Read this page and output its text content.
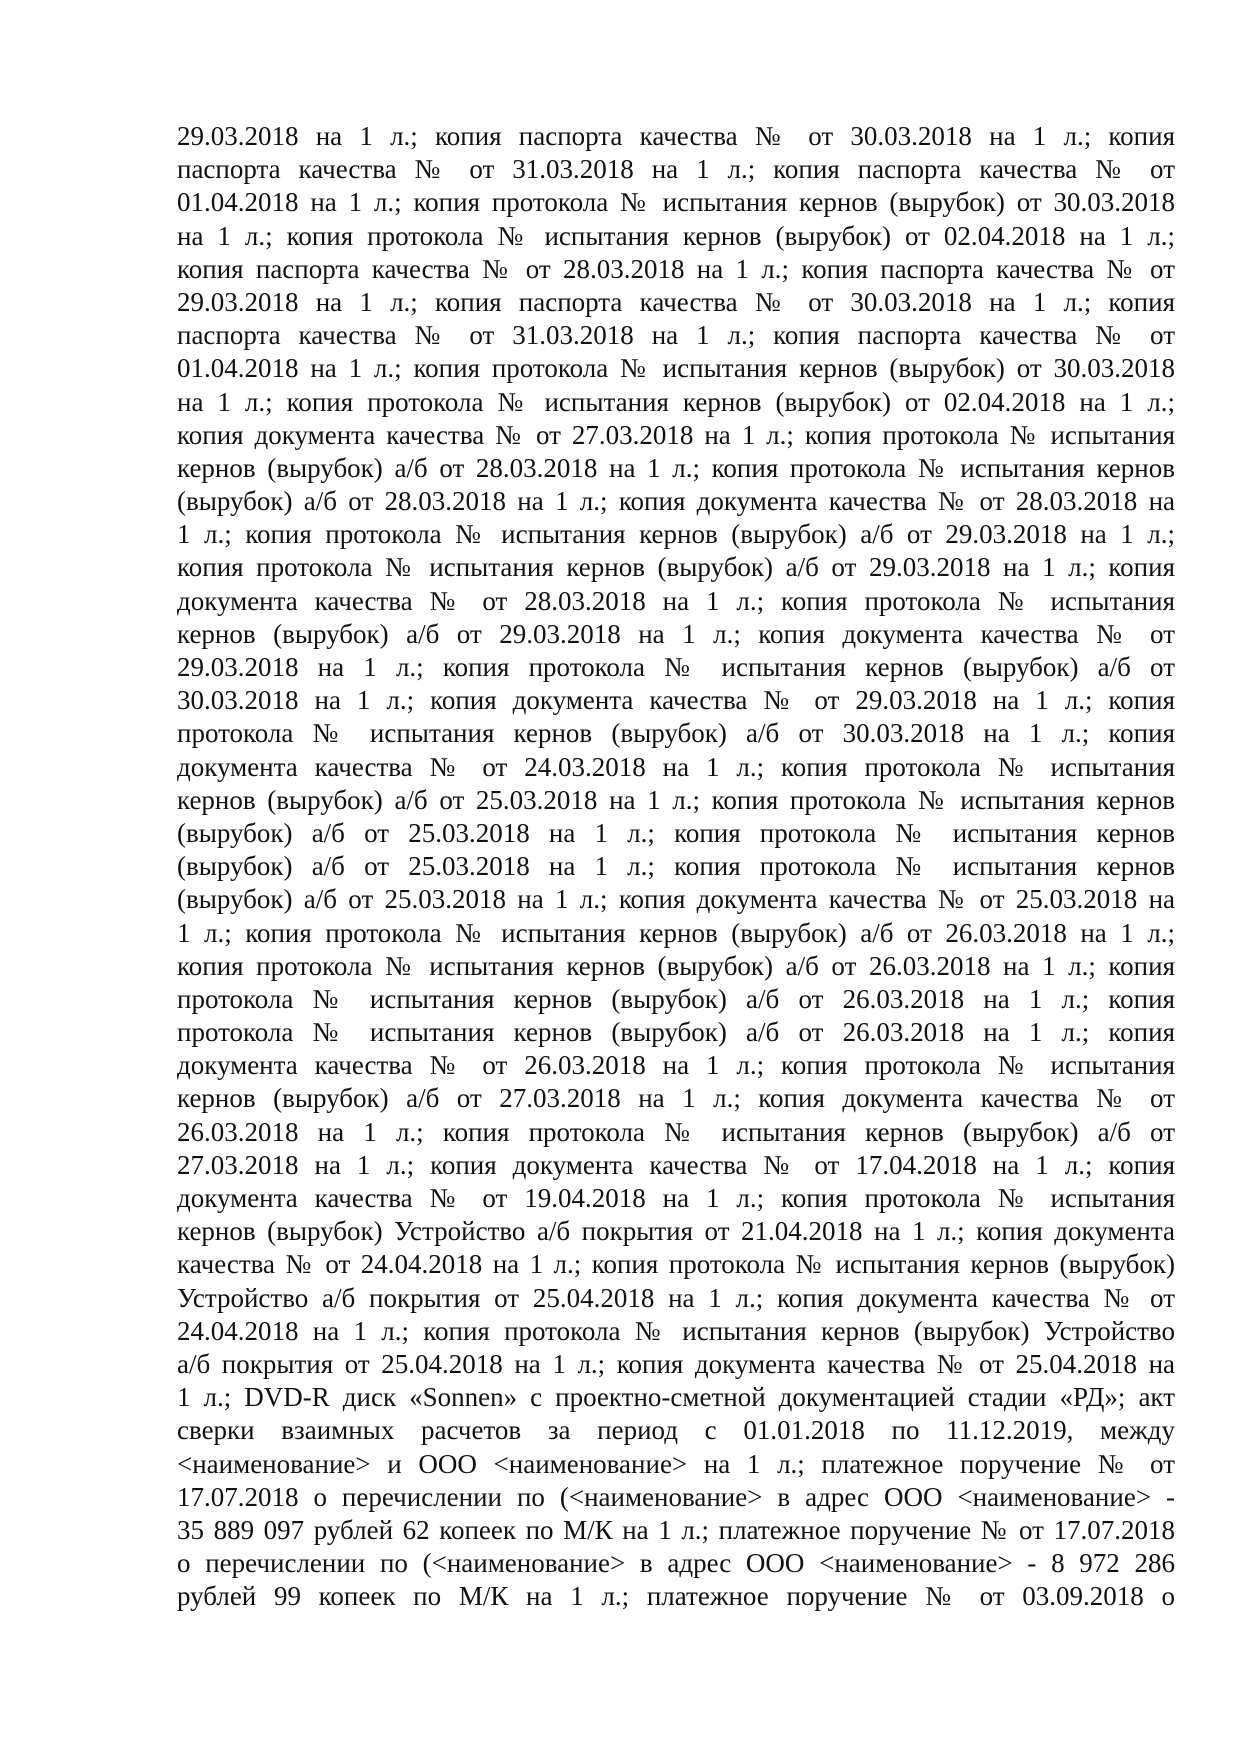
29.03.2018 на 1 л.; копия паспорта качества № от 30.03.2018 на 1 л.; копия
паспорта качества № от 31.03.2018 на 1 л.; копия паспорта качества № от
01.04.2018 на 1 л.; копия протокола № испытания кернов (вырубок) от 30.03.2018
на 1 л.; копия протокола № испытания кернов (вырубок) от 02.04.2018 на 1 л.;
копия паспорта качества № от 28.03.2018 на 1 л.; копия паспорта качества № от
29.03.2018 на 1 л.; копия паспорта качества № от 30.03.2018 на 1 л.; копия
паспорта качества № от 31.03.2018 на 1 л.; копия паспорта качества № от
01.04.2018 на 1 л.; копия протокола № испытания кернов (вырубок) от 30.03.2018
на 1 л.; копия протокола № испытания кернов (вырубок) от 02.04.2018 на 1 л.;
копия документа качества № от 27.03.2018 на 1 л.; копия протокола № испытания
кернов (вырубок) а/б от 28.03.2018 на 1 л.; копия протокола № испытания кернов
(вырубок) а/б от 28.03.2018 на 1 л.; копия документа качества № от 28.03.2018 на
1 л.; копия протокола № испытания кернов (вырубок) а/б от 29.03.2018 на 1 л.;
копия протокола № испытания кернов (вырубок) а/б от 29.03.2018 на 1 л.; копия
документа качества № от 28.03.2018 на 1 л.; копия протокола № испытания
кернов (вырубок) а/б от 29.03.2018 на 1 л.; копия документа качества № от
29.03.2018 на 1 л.; копия протокола № испытания кернов (вырубок) а/б от
30.03.2018 на 1 л.; копия документа качества № от 29.03.2018 на 1 л.; копия
протокола № испытания кернов (вырубок) а/б от 30.03.2018 на 1 л.; копия
документа качества № от 24.03.2018 на 1 л.; копия протокола № испытания
кернов (вырубок) а/б от 25.03.2018 на 1 л.; копия протокола № испытания кернов
(вырубок) а/б от 25.03.2018 на 1 л.; копия протокола № испытания кернов
(вырубок) а/б от 25.03.2018 на 1 л.; копия протокола № испытания кернов
(вырубок) а/б от 25.03.2018 на 1 л.; копия документа качества № от 25.03.2018 на
1 л.; копия протокола № испытания кернов (вырубок) а/б от 26.03.2018 на 1 л.;
копия протокола № испытания кернов (вырубок) а/б от 26.03.2018 на 1 л.; копия
протокола № испытания кернов (вырубок) а/б от 26.03.2018 на 1 л.; копия
протокола № испытания кернов (вырубок) а/б от 26.03.2018 на 1 л.; копия
документа качества № от 26.03.2018 на 1 л.; копия протокола № испытания
кернов (вырубок) а/б от 27.03.2018 на 1 л.; копия документа качества № от
26.03.2018 на 1 л.; копия протокола № испытания кернов (вырубок) а/б от
27.03.2018 на 1 л.; копия документа качества № от 17.04.2018 на 1 л.; копия
документа качества № от 19.04.2018 на 1 л.; копия протокола № испытания
кернов (вырубок) Устройство а/б покрытия от 21.04.2018 на 1 л.; копия документа
качества № от 24.04.2018 на 1 л.; копия протокола № испытания кернов (вырубок)
Устройство а/б покрытия от 25.04.2018 на 1 л.; копия документа качества № от
24.04.2018 на 1 л.; копия протокола № испытания кернов (вырубок) Устройство
а/б покрытия от 25.04.2018 на 1 л.; копия документа качества № от 25.04.2018 на
1 л.; DVD-R диск «Sonnen» с проектно-сметной документацией стадии «РД»; акт
сверки взаимных расчетов за период с 01.01.2018 по 11.12.2019, между
<наименование> и ООО <наименование> на 1 л.; платежное поручение № от
17.07.2018 о перечислении по (<наименование> в адрес ООО <наименование> -
35 889 097 рублей 62 копеек по М/К на 1 л.; платежное поручение № от 17.07.2018
о перечислении по (<наименование> в адрес ООО <наименование> - 8 972 286
рублей 99 копеек по М/К на 1 л.; платежное поручение № от 03.09.2018 о
